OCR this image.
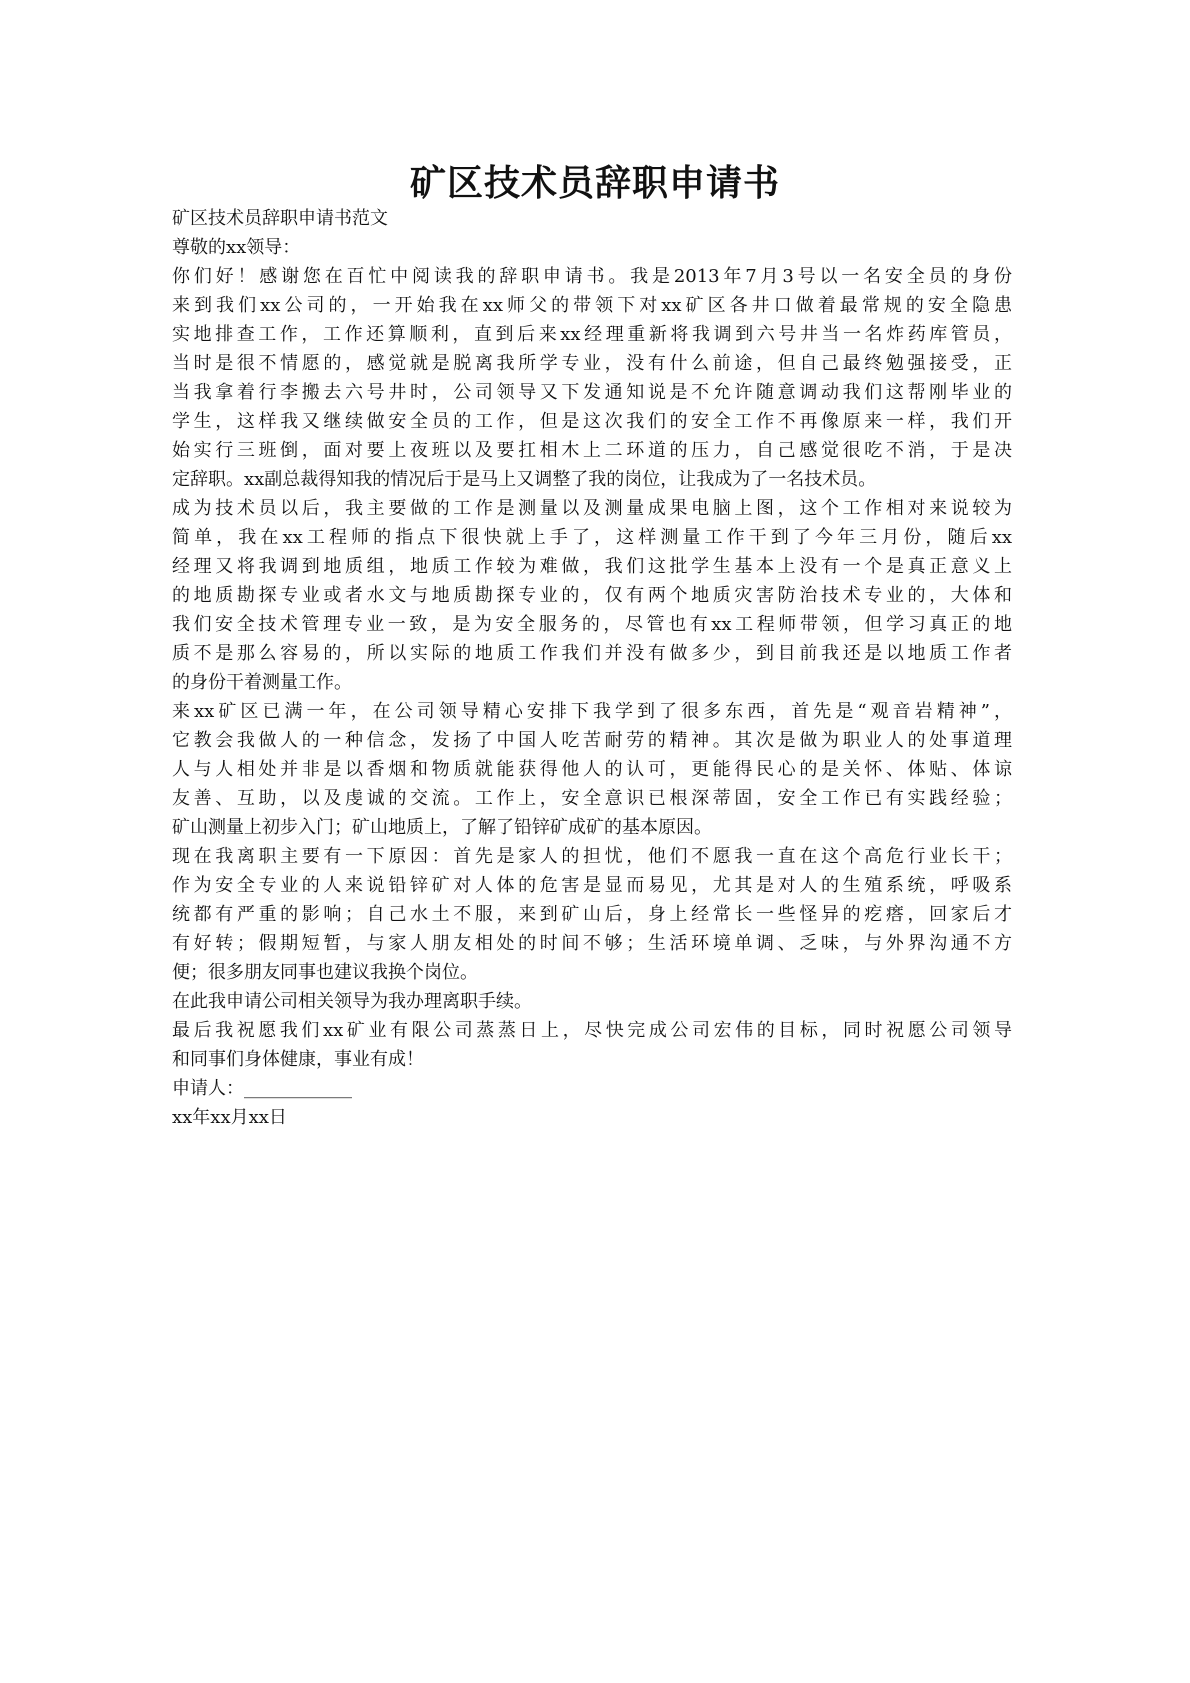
矿区技术员辞职申请书
矿区技术员辞职申请书范文
尊敬的xx领导：
你们好！感谢您在百忙中阅读我的辞职申请书。我是2013年7月3号以一名安全员的身份
来到我们xx公司的，一开始我在xx师父的带领下对xx矿区各井口做着最常规的安全隐患
实地排查工作，工作还算顺利，直到后来xx经理重新将我调到六号井当一名炸药库管员，
当时是很不情愿的，感觉就是脱离我所学专业，没有什么前途，但自己最终勉强接受，正
当我拿着行李搬去六号井时，公司领导又下发通知说是不允许随意调动我们这帮刚毕业的
学生，这样我又继续做安全员的工作，但是这次我们的安全工作不再像原来一样，我们开
始实行三班倒，面对要上夜班以及要扛相木上二环道的压力，自己感觉很吃不消，于是决
定辞职。xx副总裁得知我的情况后于是马上又调整了我的岗位，让我成为了一名技术员。
成为技术员以后，我主要做的工作是测量以及测量成果电脑上图，这个工作相对来说较为
简单，我在xx工程师的指点下很快就上手了，这样测量工作干到了今年三月份，随后xx
经理又将我调到地质组，地质工作较为难做，我们这批学生基本上没有一个是真正意义上
的地质勘探专业或者水文与地质勘探专业的，仅有两个地质灾害防治技术专业的，大体和
我们安全技术管理专业一致，是为安全服务的，尽管也有xx工程师带领，但学习真正的地
质不是那么容易的，所以实际的地质工作我们并没有做多少，到目前我还是以地质工作者
的身份干着测量工作。
来xx矿区已满一年，在公司领导精心安排下我学到了很多东西，首先是“观音岩精神”，
它教会我做人的一种信念，发扬了中国人吃苦耐劳的精神。其次是做为职业人的处事道理
人与人相处并非是以香烟和物质就能获得他人的认可，更能得民心的是关怀、体贴、体谅
友善、互助，以及虔诚的交流。工作上，安全意识已根深蒂固，安全工作已有实践经验；
矿山测量上初步入门；矿山地质上，了解了铅锌矿成矿的基本原因。
现在我离职主要有一下原因：首先是家人的担忧，他们不愿我一直在这个高危行业长干；
作为安全专业的人来说铅锌矿对人体的危害是显而易见，尤其是对人的生殖系统，呼吸系
统都有严重的影响；自己水土不服，来到矿山后，身上经常长一些怪异的疙瘩，回家后才
有好转；假期短暂，与家人朋友相处的时间不够；生活环境单调、乏味，与外界沟通不方
便；很多朋友同事也建议我换个岗位。
在此我申请公司相关领导为我办理离职手续。
最后我祝愿我们xx矿业有限公司蒸蒸日上，尽快完成公司宏伟的目标，同时祝愿公司领导
和同事们身体健康，事业有成！
申请人：____________
xx年xx月xx日
